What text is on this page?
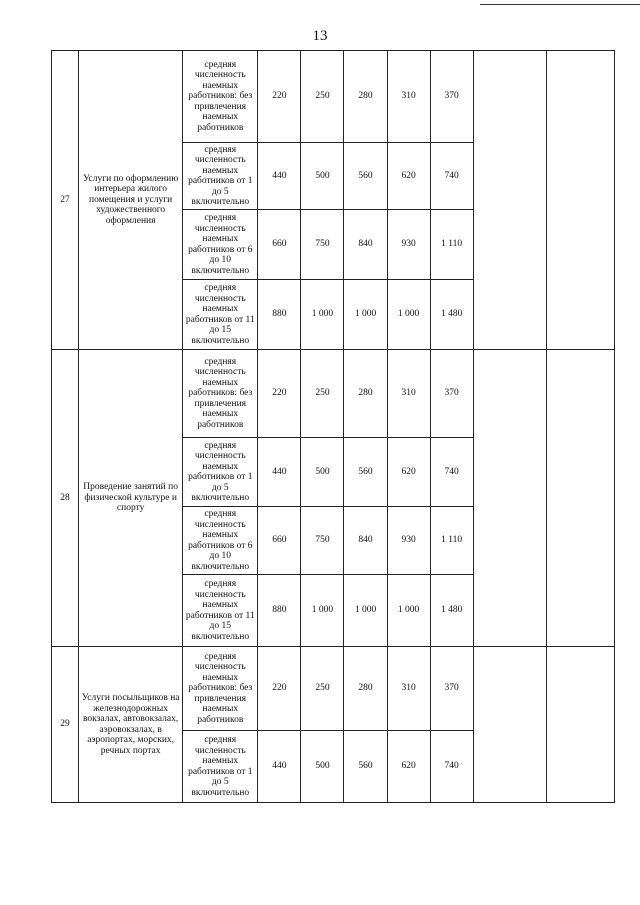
13
27	Услуги по оформлению интерьера жилого помещения и услуги художественного оформления	средняя численность наемных работников: без привлечения наемных работников	220	250	280	310	370		
		средняя численность наемных работников от 1 до 5 включительно	440	500	560	620	740		
		средняя численность наемных работников от 6 до 10 включительно	660	750	840	930	1 110		
		средняя численность наемных работников от 11 до 15 включительно	880	1 000	1 000	1 000	1 480		
28	Проведение занятий по физической культуре и спорту	средняя численность наемных работников: без привлечения наемных работников	220	250	280	310	370		
		средняя численность наемных работников от 1 до 5 включительно	440	500	560	620	740		
		средняя численность наемных работников от 6 до 10 включительно	660	750	840	930	1 110		
		средняя численность наемных работников от 11 до 15 включительно	880	1 000	1 000	1 000	1 480		
29	Услуги посыльщиков на железнодорожных вокзалах, автовокзалах, аэровокзалах, в аэропортах, морских, речных портах	средняя численность наемных работников: без привлечения наемных работников	220	250	280	310	370		
		средняя численность наемных работников от 1 до 5 включительно	440	500	560	620	740		
